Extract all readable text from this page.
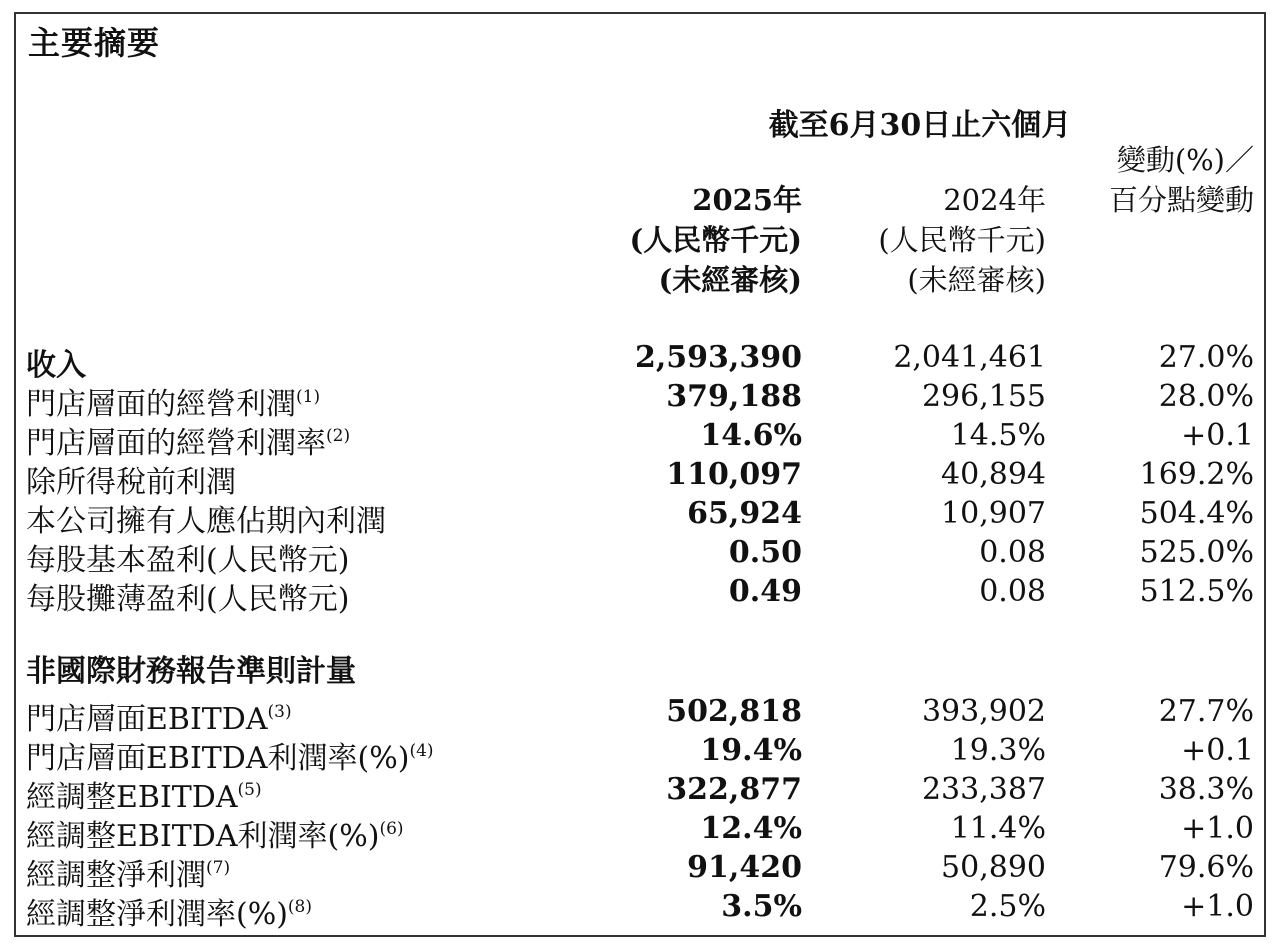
主要摘要
截至6月30日止六個月
2025年
(人民幣千元)
(未經審核)
2024年
(人民幣千元)
(未經審核)
變動(%)／
百分點變動
收入	2,593,390	2,041,461	27.0%
門店層面的經營利潤$^{(1)}$	379,188	296,155	28.0%
門店層面的經營利潤率$^{(2)}$	14.6%	14.5%	+0.1
除所得稅前利潤	110,097	40,894	169.2%
本公司擁有人應佔期內利潤	65,924	10,907	504.4%
每股基本盈利(人民幣元)	0.50	0.08	525.0%
每股攤薄盈利(人民幣元)	0.49	0.08	512.5%
非國際財務報告準則計量
門店層面EBITDA$^{(3)}$	502,818	393,902	27.7%
門店層面EBITDA利潤率(%)$^{(4)}$	19.4%	19.3%	+0.1
經調整EBITDA$^{(5)}$	322,877	233,387	38.3%
經調整EBITDA利潤率(%)$^{(6)}$	12.4%	11.4%	+1.0
經調整淨利潤$^{(7)}$	91,420	50,890	79.6%
經調整淨利潤率(%)$^{(8)}$	3.5%	2.5%	+1.0
